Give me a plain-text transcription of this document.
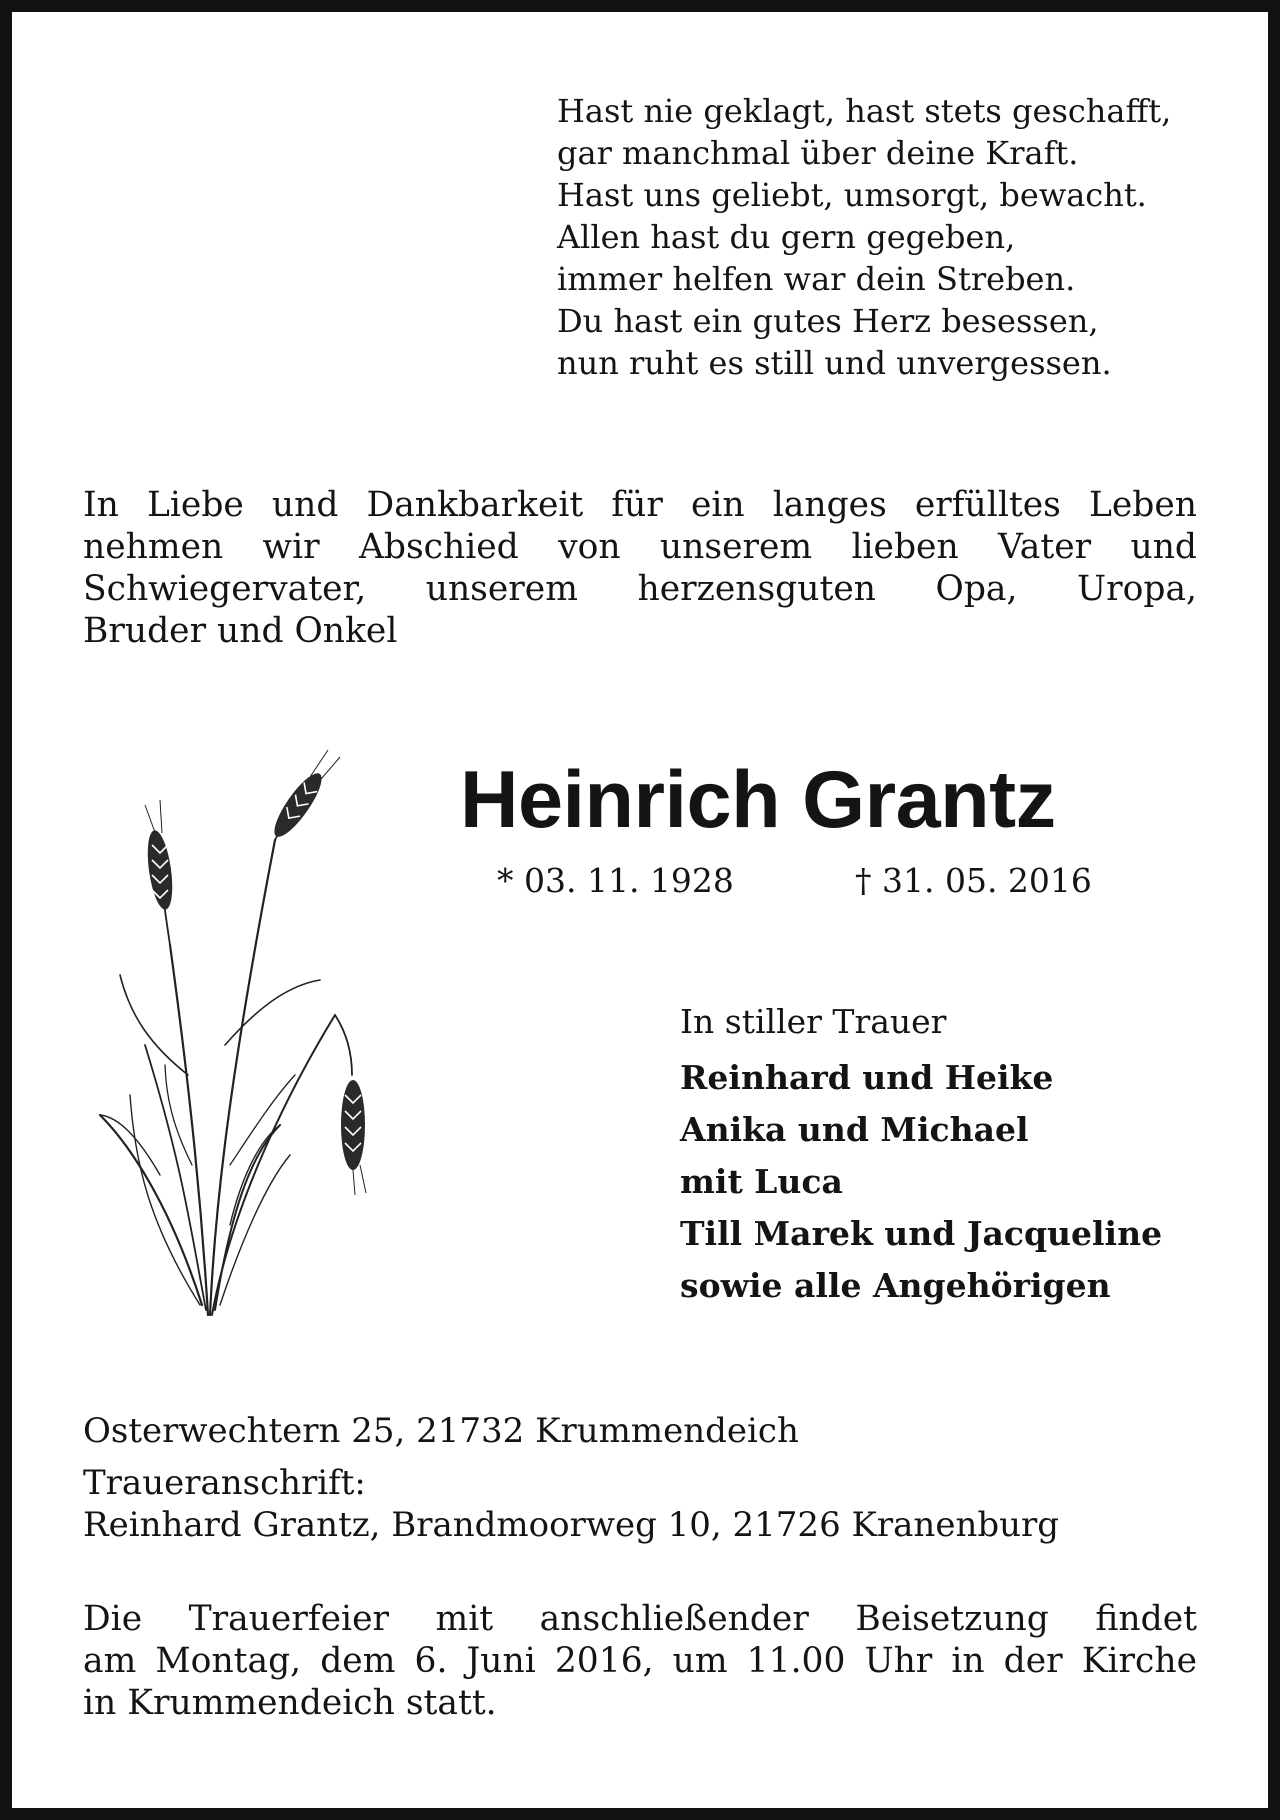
Hast nie geklagt, hast stets geschafft,
gar manchmal über deine Kraft.
Hast uns geliebt, umsorgt, bewacht.
Allen hast du gern gegeben,
immer helfen war dein Streben.
Du hast ein gutes Herz besessen,
nun ruht es still und unvergessen.
In Liebe und Dankbarkeit für ein langes erfülltes Leben
nehmen wir Abschied von unserem lieben Vater und
Schwiegervater, unserem herzensguten Opa, Uropa,
Bruder und Onkel
Heinrich Grantz
* 03. 11. 1928	† 31. 05. 2016
In stiller Trauer
Reinhard und Heike
Anika und Michael
mit Luca
Till Marek und Jacqueline
sowie alle Angehörigen
Osterwechtern 25, 21732 Krummendeich
Traueranschrift:
Reinhard Grantz, Brandmoorweg 10, 21726 Kranenburg
Die Trauerfeier mit anschließender Beisetzung findet
am Montag, dem 6. Juni 2016, um 11.00 Uhr in der Kirche
in Krummendeich statt.
